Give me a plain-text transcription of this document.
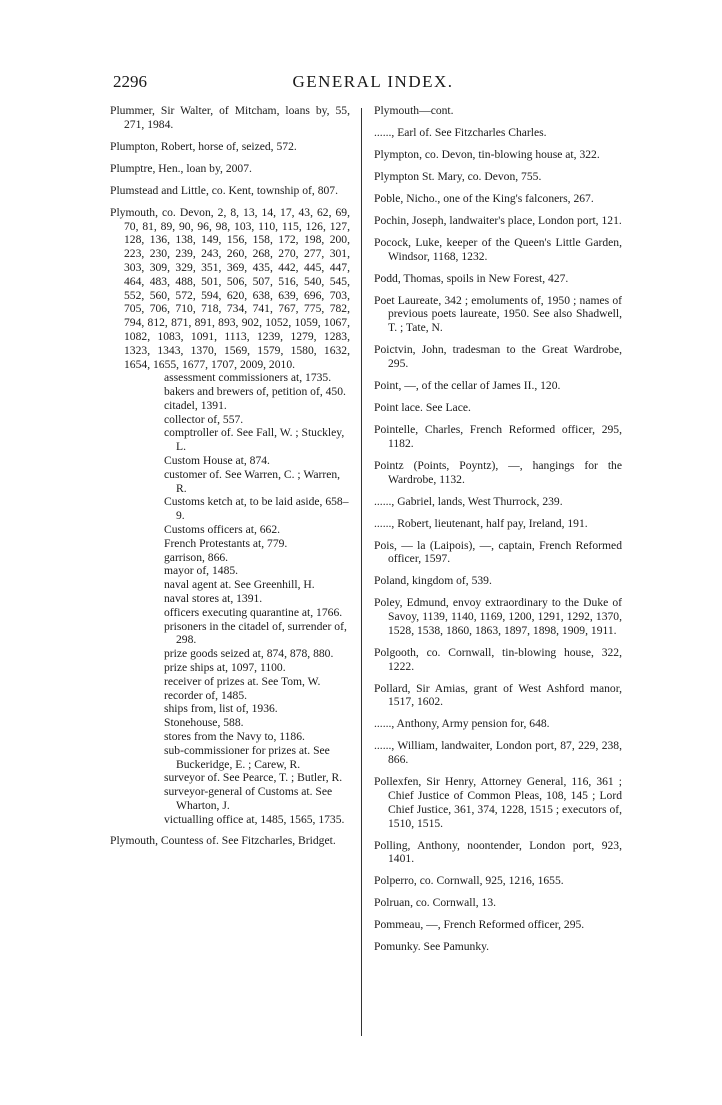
2296	GENERAL INDEX.

Plummer, Sir Walter, of Mitcham, loans by, 55, 271, 1984.

Plumpton, Robert, horse of, seized, 572.

Plumptre, Hen., loan by, 2007.

Plumstead and Little, co. Kent, township of, 807.

Plymouth, co. Devon, 2, 8, 13, 14, 17, 43, 62, 69, 70, 81, 89, 90, 96, 98, 103, 110, 115, 126, 127, 128, 136, 138, 149, 156, 158, 172, 198, 200, 223, 230, 239, 243, 260, 268, 270, 277, 301, 303, 309, 329, 351, 369, 435, 442, 445, 447, 464, 483, 488, 501, 506, 507, 516, 540, 545, 552, 560, 572, 594, 620, 638, 639, 696, 703, 705, 706, 710, 718, 734, 741, 767, 775, 782, 794, 812, 871, 891, 893, 902, 1052, 1059, 1067, 1082, 1083, 1091, 1113, 1239, 1279, 1283, 1323, 1343, 1370, 1569, 1579, 1580, 1632, 1654, 1655, 1677, 1707, 2009, 2010.

assessment commissioners at, 1735.

bakers and brewers of, petition of, 450.

citadel, 1391.

collector of, 557.

comptroller of. See Fall, W. ; Stuckley, L.

Custom House at, 874.

customer of. See Warren, C. ; Warren, R.

Customs ketch at, to be laid aside, 658–9.

Customs officers at, 662.

French Protestants at, 779.

garrison, 866.

mayor of, 1485.

naval agent at. See Greenhill, H.

naval stores at, 1391.

officers executing quarantine at, 1766.

prisoners in the citadel of, surrender of, 298.

prize goods seized at, 874, 878, 880.

prize ships at, 1097, 1100.

receiver of prizes at. See Tom, W.

recorder of, 1485.

ships from, list of, 1936.

Stonehouse, 588.

stores from the Navy to, 1186.

sub-commissioner for prizes at. See Buckeridge, E. ; Carew, R.

surveyor of. See Pearce, T. ; Butler, R.

surveyor-general of Customs at. See Wharton, J.

victualling office at, 1485, 1565, 1735.

Plymouth, Countess of. See Fitzcharles, Bridget.

Plymouth—cont.

......, Earl of. See Fitzcharles Charles.

Plympton, co. Devon, tin-blowing house at, 322.

Plympton St. Mary, co. Devon, 755.

Poble, Nicho., one of the King's falconers, 267.

Pochin, Joseph, landwaiter's place, London port, 121.

Pocock, Luke, keeper of the Queen's Little Garden, Windsor, 1168, 1232.

Podd, Thomas, spoils in New Forest, 427.

Poet Laureate, 342 ; emoluments of, 1950 ; names of previous poets laureate, 1950. See also Shadwell, T. ; Tate, N.

Poictvin, John, tradesman to the Great Wardrobe, 295.

Point, —, of the cellar of James II., 120.

Point lace. See Lace.

Pointelle, Charles, French Reformed officer, 295, 1182.

Pointz (Points, Poyntz), —, hangings for the Wardrobe, 1132.

......, Gabriel, lands, West Thurrock, 239.

......, Robert, lieutenant, half pay, Ireland, 191.

Pois, — la (Laipois), —, captain, French Reformed officer, 1597.

Poland, kingdom of, 539.

Poley, Edmund, envoy extraordinary to the Duke of Savoy, 1139, 1140, 1169, 1200, 1291, 1292, 1370, 1528, 1538, 1860, 1863, 1897, 1898, 1909, 1911.

Polgooth, co. Cornwall, tin-blowing house, 322, 1222.

Pollard, Sir Amias, grant of West Ashford manor, 1517, 1602.

......, Anthony, Army pension for, 648.

......, William, landwaiter, London port, 87, 229, 238, 866.

Pollexfen, Sir Henry, Attorney General, 116, 361 ; Chief Justice of Common Pleas, 108, 145 ; Lord Chief Justice, 361, 374, 1228, 1515 ; executors of, 1510, 1515.

Polling, Anthony, noontender, London port, 923, 1401.

Polperro, co. Cornwall, 925, 1216, 1655.

Polruan, co. Cornwall, 13.

Pommeau, —, French Reformed officer, 295.

Pomunky. See Pamunky.
